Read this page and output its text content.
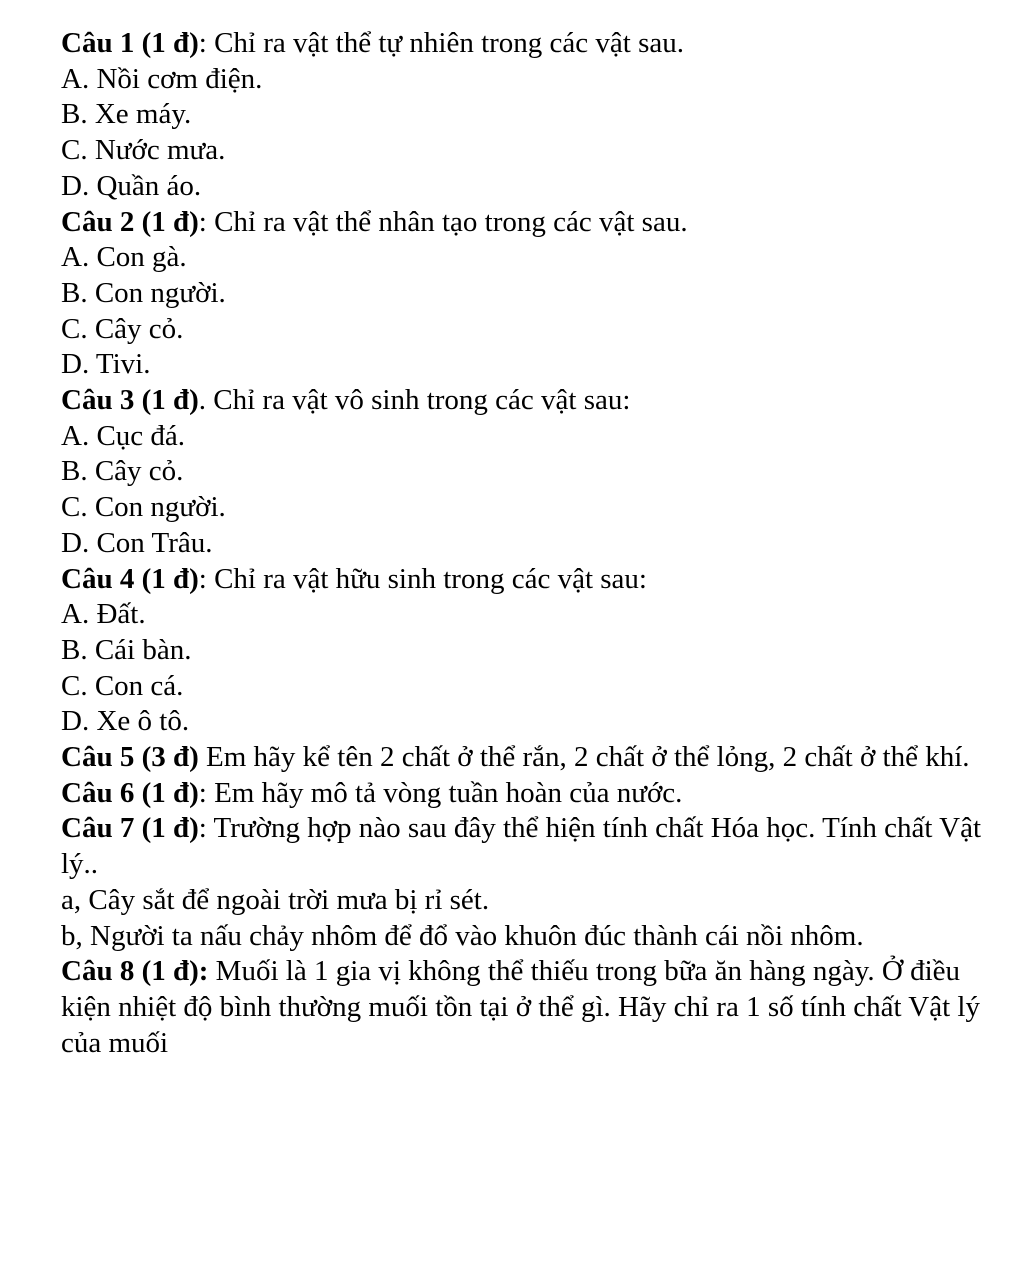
Câu 1 (1 đ): Chỉ ra vật thể tự nhiên trong các vật sau.

A. Nồi cơm điện.

B. Xe máy.

C. Nước mưa.

D. Quần áo.

Câu 2 (1 đ): Chỉ ra vật thể nhân tạo trong các vật sau.

A. Con gà.

B. Con người.

C. Cây cỏ.

D. Tivi.

Câu 3 (1 đ). Chỉ ra vật vô sinh trong các vật sau:

A. Cục đá.

B. Cây cỏ.

C. Con người.

D. Con Trâu.

Câu 4 (1 đ): Chỉ ra vật hữu sinh trong các vật sau:

A. Đất.

B. Cái bàn.

C. Con cá.

D. Xe ô tô.

Câu 5 (3 đ) Em hãy kể tên 2 chất ở thể rắn, 2 chất ở thể lỏng, 2 chất ở thể khí.

Câu 6 (1 đ): Em hãy mô tả vòng tuần hoàn của nước.

Câu 7 (1 đ): Trường hợp nào sau đây thể hiện tính chất Hóa học. Tính chất Vật lý..

a, Cây sắt để ngoài trời mưa bị rỉ sét.

b, Người ta nấu chảy nhôm để đổ vào khuôn đúc thành cái nồi nhôm.

Câu 8 (1 đ): Muối là 1 gia vị không thể thiếu trong bữa ăn hàng ngày. Ở điều kiện nhiệt độ bình thường muối tồn tại ở thể gì. Hãy chỉ ra 1 số tính chất Vật lý của muối
